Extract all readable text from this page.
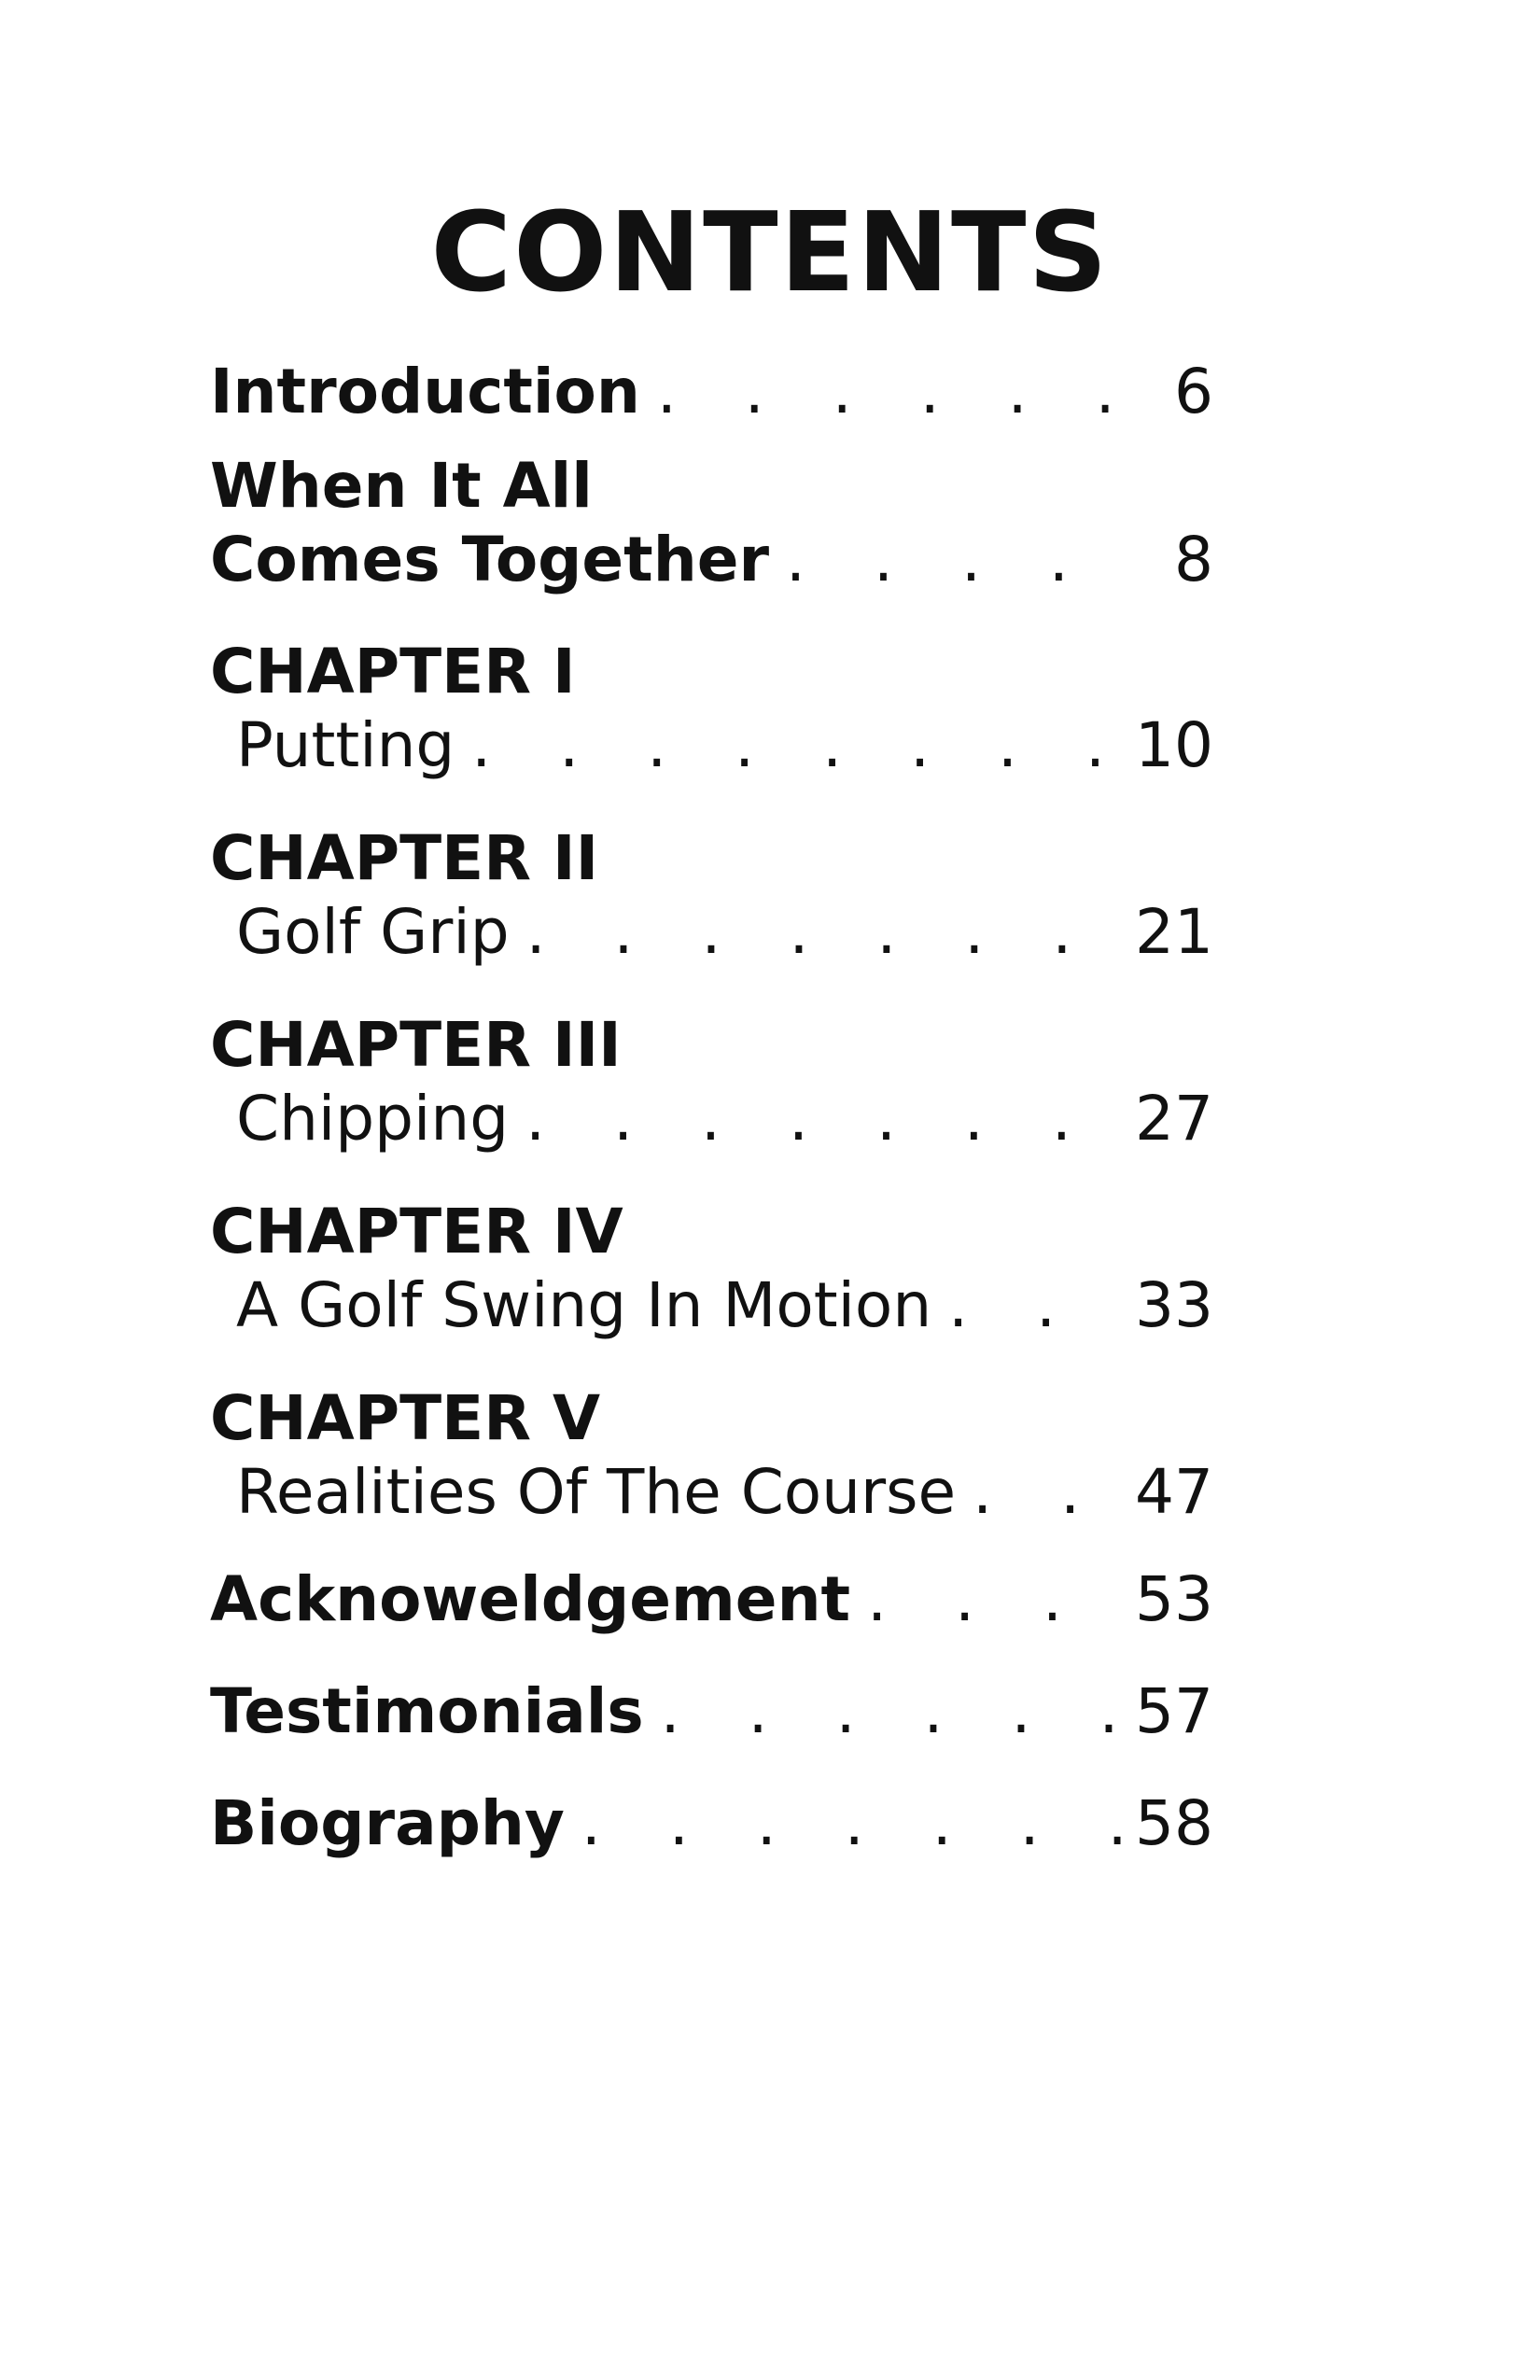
CONTENTS
Introduction . . .	6
When It All
Comes Together . . .	8
CHAPTER I
Putting . . .	10
CHAPTER II
Golf Grip . . .	21
CHAPTER III
Chipping . . .	27
CHAPTER IV
A Golf Swing In Motion . . .	33
CHAPTER V
Realities Of The Course . . .	47
Acknoweldgement . . .	53
Testimonials . . .	57
Biography . . .	58
